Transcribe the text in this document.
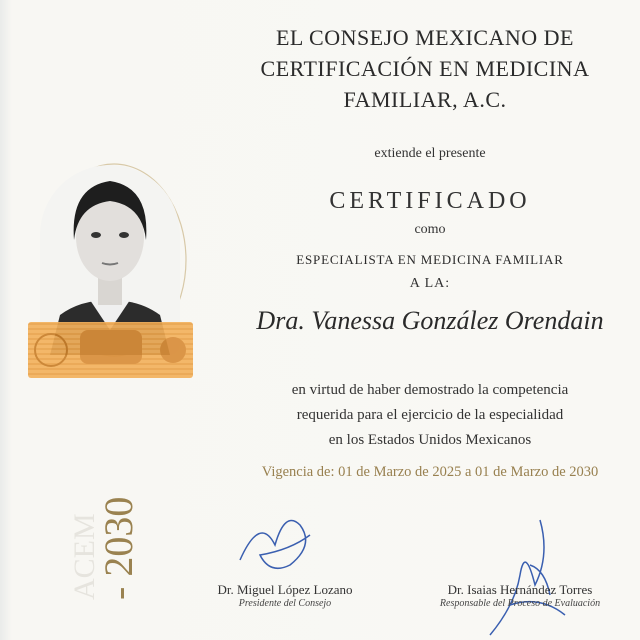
EL CONSEJO MEXICANO DE
CERTIFICACIÓN EN MEDICINA
FAMILIAR, A.C.
extiende el presente
CERTIFICADO
como
ESPECIALISTA EN MEDICINA FAMILIAR
A LA:
Dra. Vanessa González Orendain
en virtud de haber demostrado la competencia
requerida para el ejercicio de la especialidad
en los Estados Unidos Mexicanos
Vigencia de: 01 de Marzo de 2025 a 01 de Marzo de 2030
ACEM
- 2030	Dr. Miguel López Lozano
Presidente del Consejo
Dr. Isaias Hernández Torres
Responsable del Proceso de Evaluación
